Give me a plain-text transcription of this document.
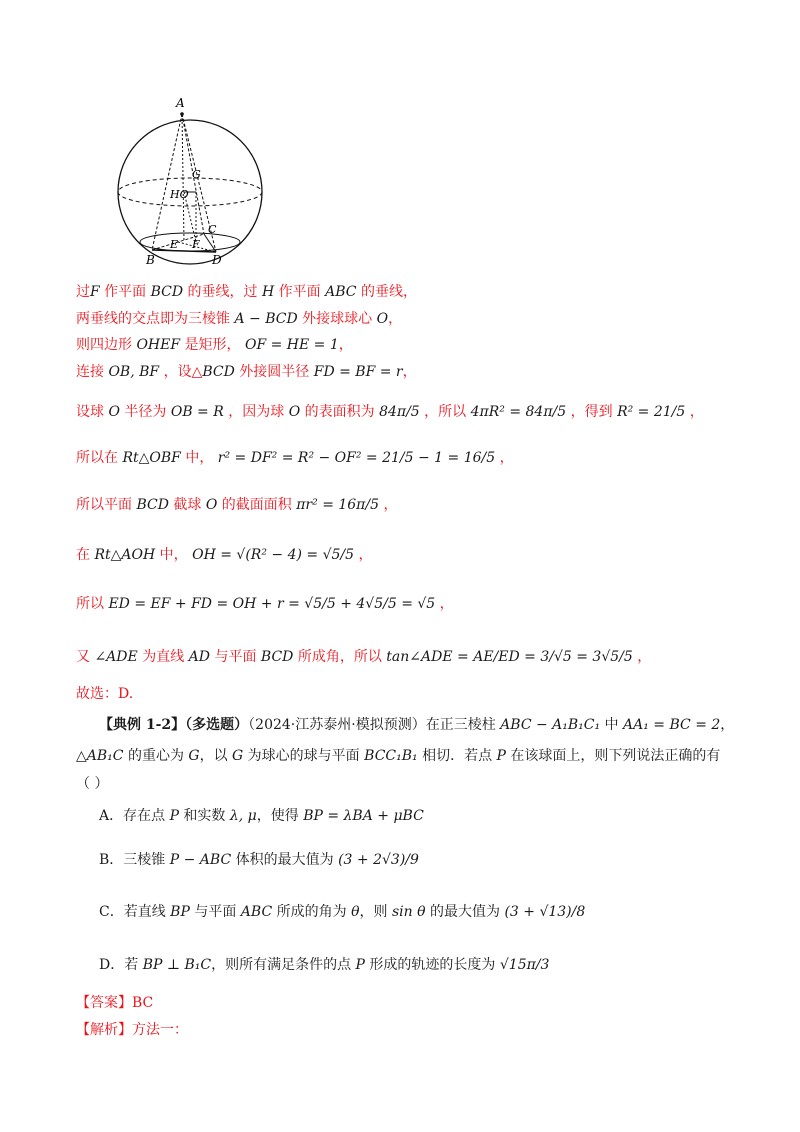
A
G
HO
C
E F
B	D
过F 作平面 BCD 的垂线，过 H 作平面 ABC 的垂线，
两垂线的交点即为三棱锥 A − BCD 外接球球心 O，
则四边形 OHEF 是矩形， OF = HE = 1，
连接 OB, BF ，设△BCD 外接圆半径 FD = BF = r，
设球 O 半径为 OB = R ，因为球 O 的表面积为 84π/5 ，所以 4πR² = 84π/5 ，得到 R² = 21/5 ，
所以在 Rt△OBF 中， r² = DF² = R² − OF² = 21/5 − 1 = 16/5 ，
所以平面 BCD 截球 O 的截面面积 πr² = 16π/5 ，
在 Rt△AOH 中， OH = √(R² − 4) = √5/5 ，
所以 ED = EF + FD = OH + r = √5/5 + 4√5/5 = √5 ，
又 ∠ADE 为直线 AD 与平面 BCD 所成角，所以 tan∠ADE = AE/ED = 3/√5 = 3√5/5 ，
故选：D.
【典例 1-2】（多选题）（2024·江苏泰州·模拟预测）在正三棱柱 ABC − A₁B₁C₁ 中 AA₁ = BC = 2，
△AB₁C 的重心为 G，以 G 为球心的球与平面 BCC₁B₁ 相切．若点 P 在该球面上，则下列说法正确的有
（ ）
A．存在点 P 和实数 λ, μ，使得 BP = λBA + μBC
B．三棱锥 P − ABC 体积的最大值为 (3 + 2√3)/9
C．若直线 BP 与平面 ABC 所成的角为 θ，则 sin θ 的最大值为 (3 + √13)/8
D．若 BP ⊥ B₁C，则所有满足条件的点 P 形成的轨迹的长度为 √15π/3
【答案】BC
【解析】方法一：
